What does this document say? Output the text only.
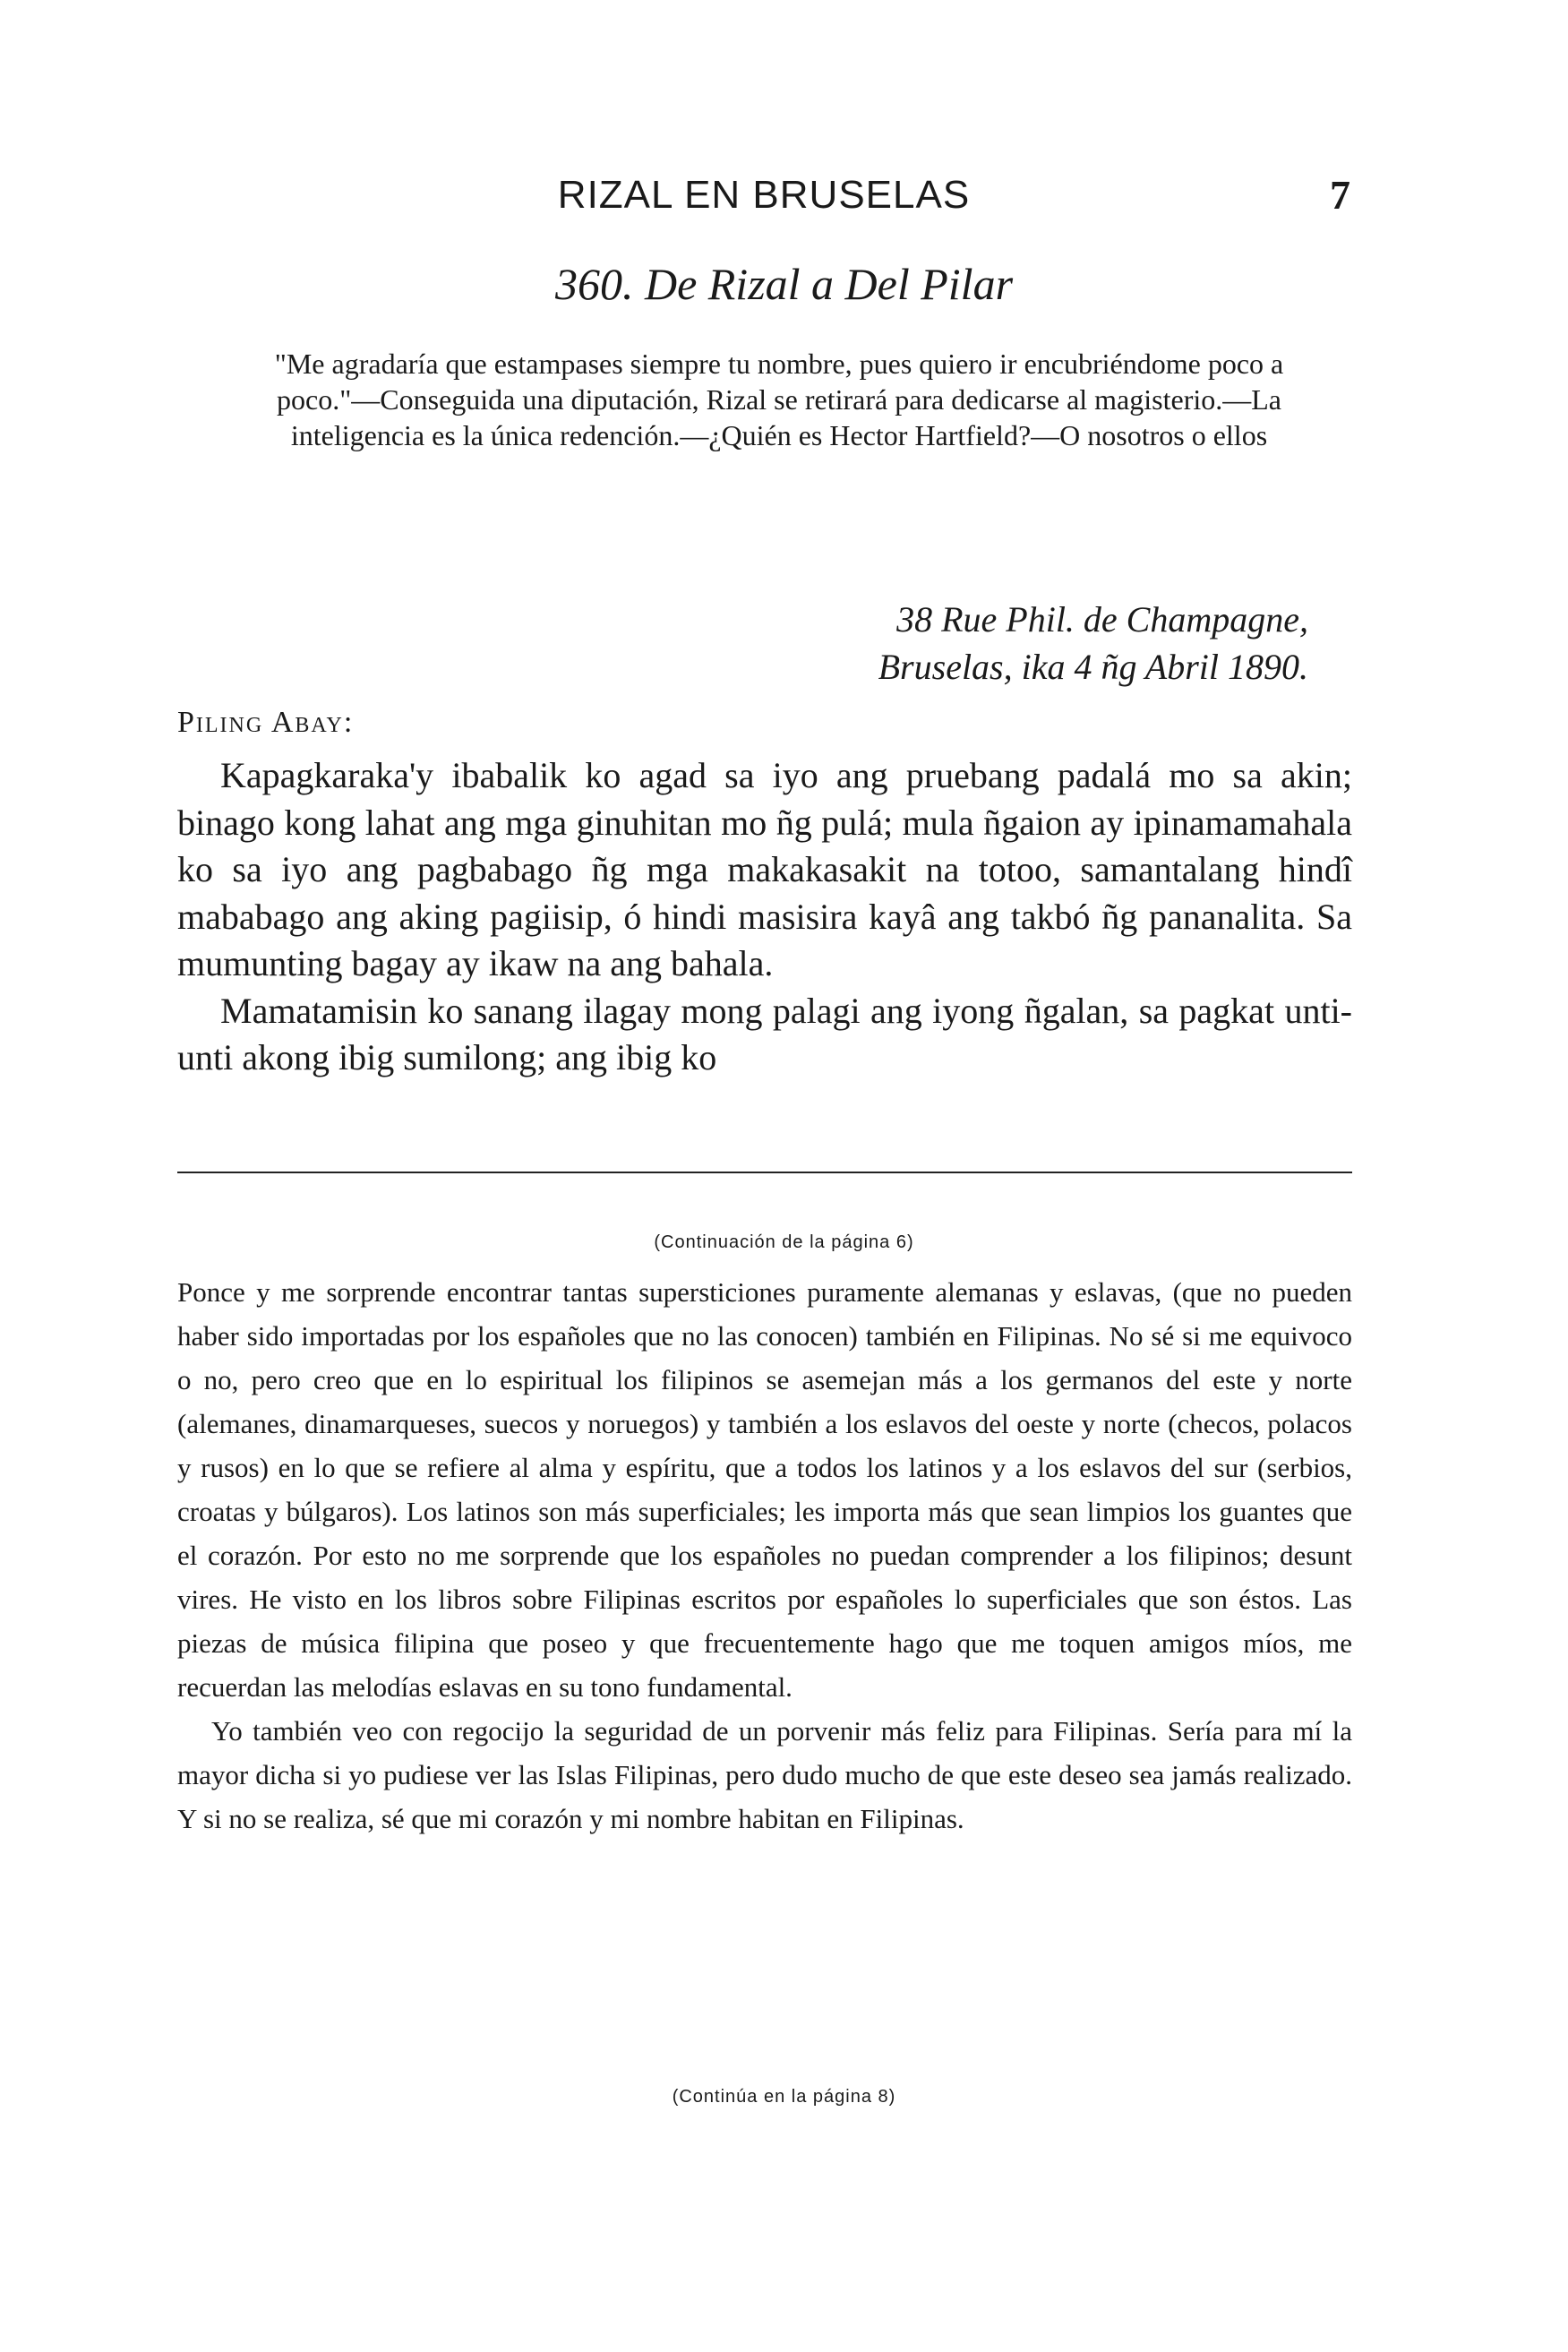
RIZAL EN BRUSELAS	7
360. De Rizal a Del Pilar

"Me agradaría que estampases siempre tu nombre, pues quiero ir encubriéndome poco a poco."—Conseguida una diputación, Rizal se retirará para dedicarse al magisterio.—La inteligencia es la única redención.—¿Quién es Hector Hartfield?—O nosotros o ellos

38 Rue Phil. de Champagne,
Bruselas, ika 4 ñg Abril 1890.
Piling Abay:

Kapagkaraka'y ibabalik ko agad sa iyo ang pruebang padalá mo sa akin; binago kong lahat ang mga ginuhitan mo ñg pulá; mula ñgaion ay ipinamamahala ko sa iyo ang pagbabago ñg mga makakasakit na totoo, samantalang hindî mababago ang aking pagiisip, ó hindi masisira kayâ ang takbó ñg pananalita. Sa mumunting bagay ay ikaw na ang bahala.

Mamatamisin ko sanang ilagay mong palagi ang iyong ñgalan, sa pagkat unti-unti akong ibig sumilong; ang ibig ko

(Continuación de la página 6)

Ponce y me sorprende encontrar tantas supersticiones puramente alemanas y eslavas, (que no pueden haber sido importadas por los españoles que no las conocen) también en Filipinas. No sé si me equivoco o no, pero creo que en lo espiritual los filipinos se asemejan más a los germanos del este y norte (alemanes, dinamarqueses, suecos y noruegos) y también a los eslavos del oeste y norte (checos, polacos y rusos) en lo que se refiere al alma y espíritu, que a todos los latinos y a los eslavos del sur (serbios, croatas y búlgaros). Los latinos son más superficiales; les importa más que sean limpios los guantes que el corazón. Por esto no me sorprende que los españoles no puedan comprender a los filipinos; desunt vires. He visto en los libros sobre Filipinas escritos por españoles lo superficiales que son éstos. Las piezas de música filipina que poseo y que frecuentemente hago que me toquen amigos míos, me recuerdan las melodías eslavas en su tono fundamental.

Yo también veo con regocijo la seguridad de un porvenir más feliz para Filipinas. Sería para mí la mayor dicha si yo pudiese ver las Islas Filipinas, pero dudo mucho de que este deseo sea jamás realizado. Y si no se realiza, sé que mi corazón y mi nombre habitan en Filipinas.

(Continúa en la página 8)
